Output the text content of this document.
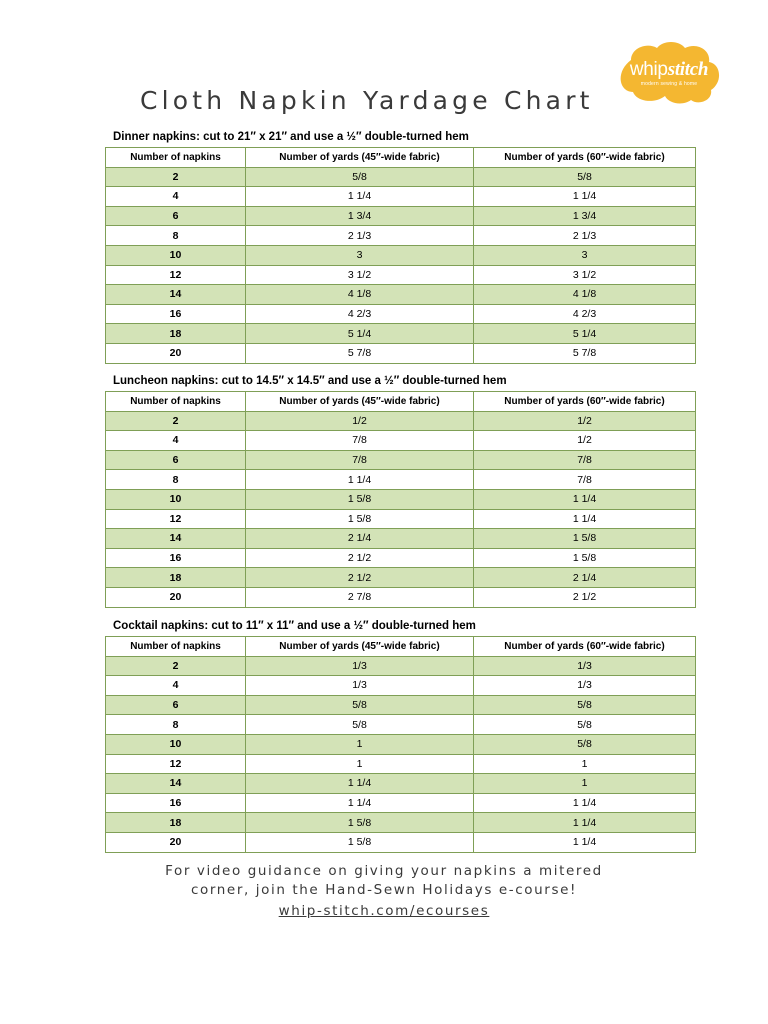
whipstitch
modern sewing & home
Cloth Napkin Yardage Chart
Dinner napkins: cut to 21″ x 21″ and use a ½″ double-turned hem
Number of napkins	Number of yards (45″-wide fabric)	Number of yards (60″-wide fabric)
2	5/8	5/8
4	1 1/4	1 1/4
6	1 3/4	1 3/4
8	2 1/3	2 1/3
10	3	3
12	3 1/2	3 1/2
14	4 1/8	4 1/8
16	4 2/3	4 2/3
18	5 1/4	5 1/4
20	5 7/8	5 7/8
Luncheon napkins: cut to 14.5″ x 14.5″ and use a ½″ double-turned hem
Number of napkins	Number of yards (45″-wide fabric)	Number of yards (60″-wide fabric)
2	1/2	1/2
4	7/8	1/2
6	7/8	7/8
8	1 1/4	7/8
10	1 5/8	1 1/4
12	1 5/8	1 1/4
14	2 1/4	1 5/8
16	2 1/2	1 5/8
18	2 1/2	2 1/4
20	2 7/8	2 1/2
Cocktail napkins: cut to 11″ x 11″ and use a ½″ double-turned hem
Number of napkins	Number of yards (45″-wide fabric)	Number of yards (60″-wide fabric)
2	1/3	1/3
4	1/3	1/3
6	5/8	5/8
8	5/8	5/8
10	1	5/8
12	1	1
14	1 1/4	1
16	1 1/4	1 1/4
18	1 5/8	1 1/4
20	1 5/8	1 1/4
For video guidance on giving your napkins a mitered
corner, join the Hand-Sewn Holidays e-course!
whip-stitch.com/ecourses
